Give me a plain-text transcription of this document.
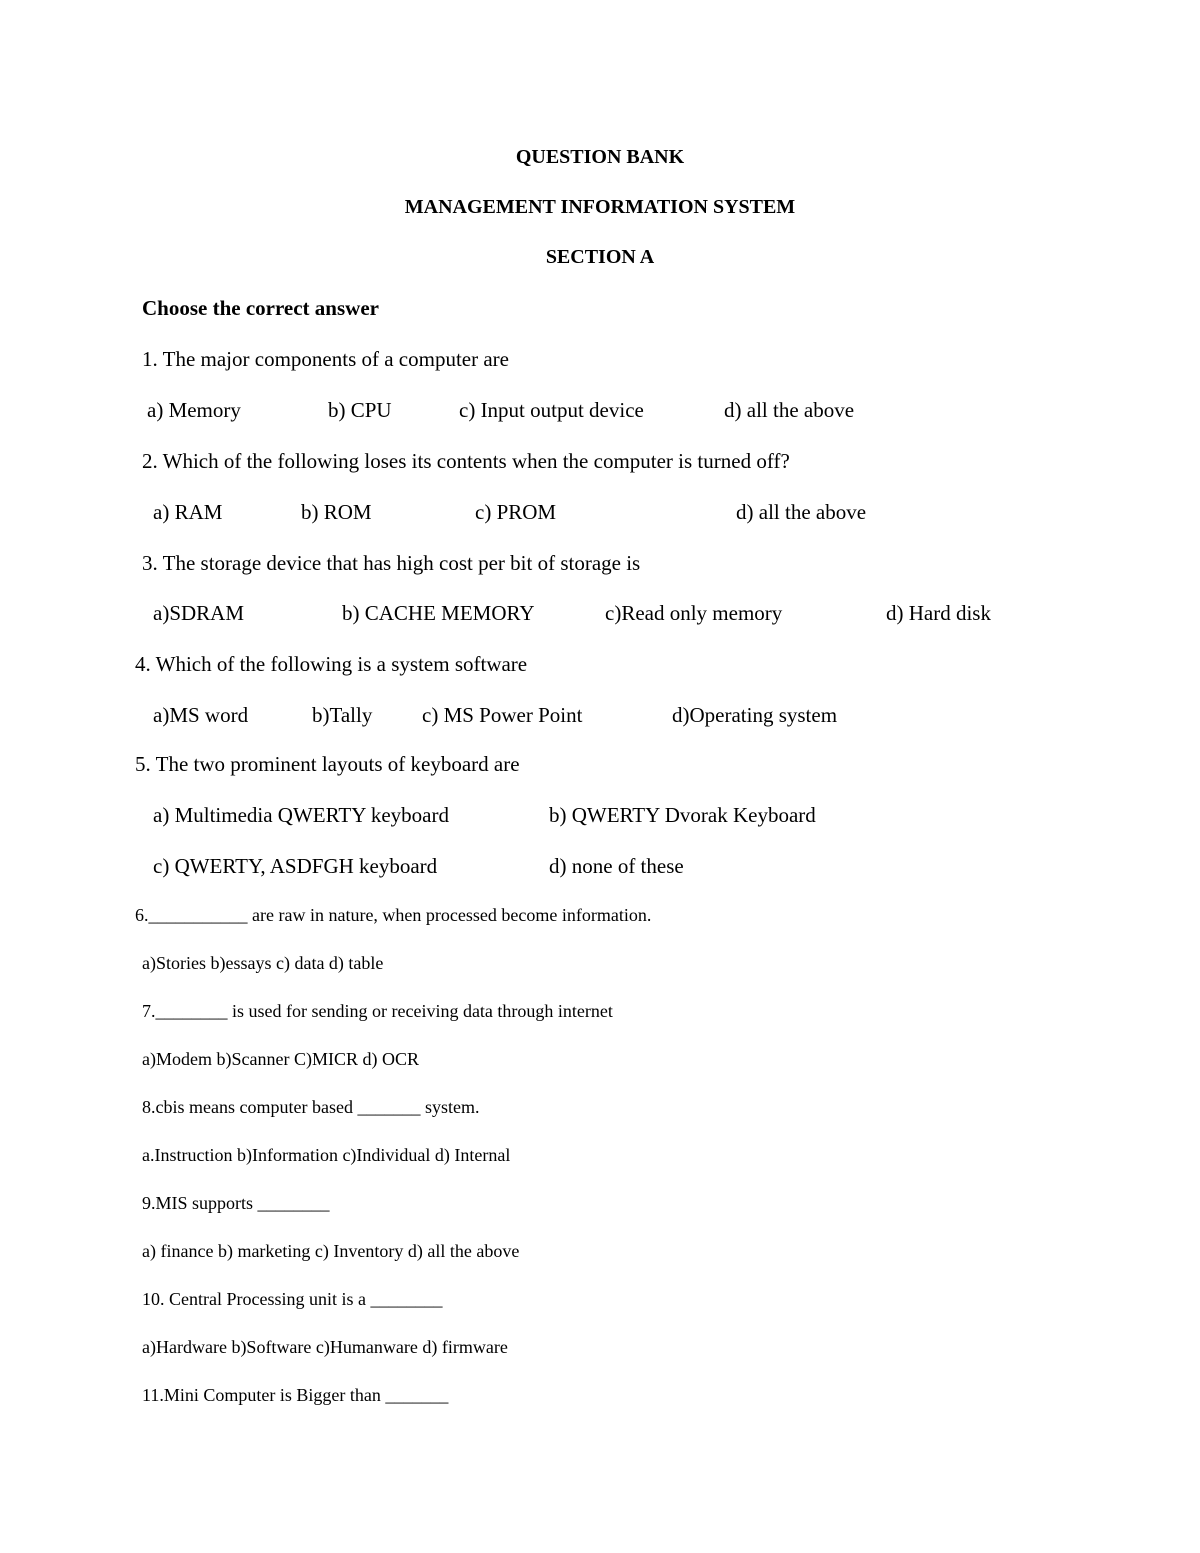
QUESTION BANK
MANAGEMENT INFORMATION SYSTEM
SECTION A
Choose the correct answer
1. The major components of a computer are
a) Memory	b) CPU	c) Input output device	d) all the above
2. Which of the following loses its contents when the computer is turned off?
a) RAM	b) ROM	c) PROM	d) all the above
3. The storage device that has high cost per bit of storage is
a)SDRAM	b) CACHE MEMORY	c)Read only memory	d) Hard disk
4. Which of the following is a system software
a)MS word	b)Tally c) MS Power Point	d)Operating system
5. The two prominent layouts of keyboard are
a) Multimedia QWERTY keyboard	b) QWERTY Dvorak Keyboard
c) QWERTY, ASDFGH keyboard	d) none of these
6.___________ are raw in nature, when processed become information.
a)Stories b)essays c) data d) table
7.________ is used for sending or receiving data through internet
a)Modem b)Scanner C)MICR d) OCR
8.cbis means computer based _______ system.
a.Instruction b)Information c)Individual d) Internal
9.MIS supports ________
a) finance b) marketing c) Inventory d) all the above
10. Central Processing unit is a ________
a)Hardware b)Software c)Humanware d) firmware
11.Mini Computer is Bigger than _______
